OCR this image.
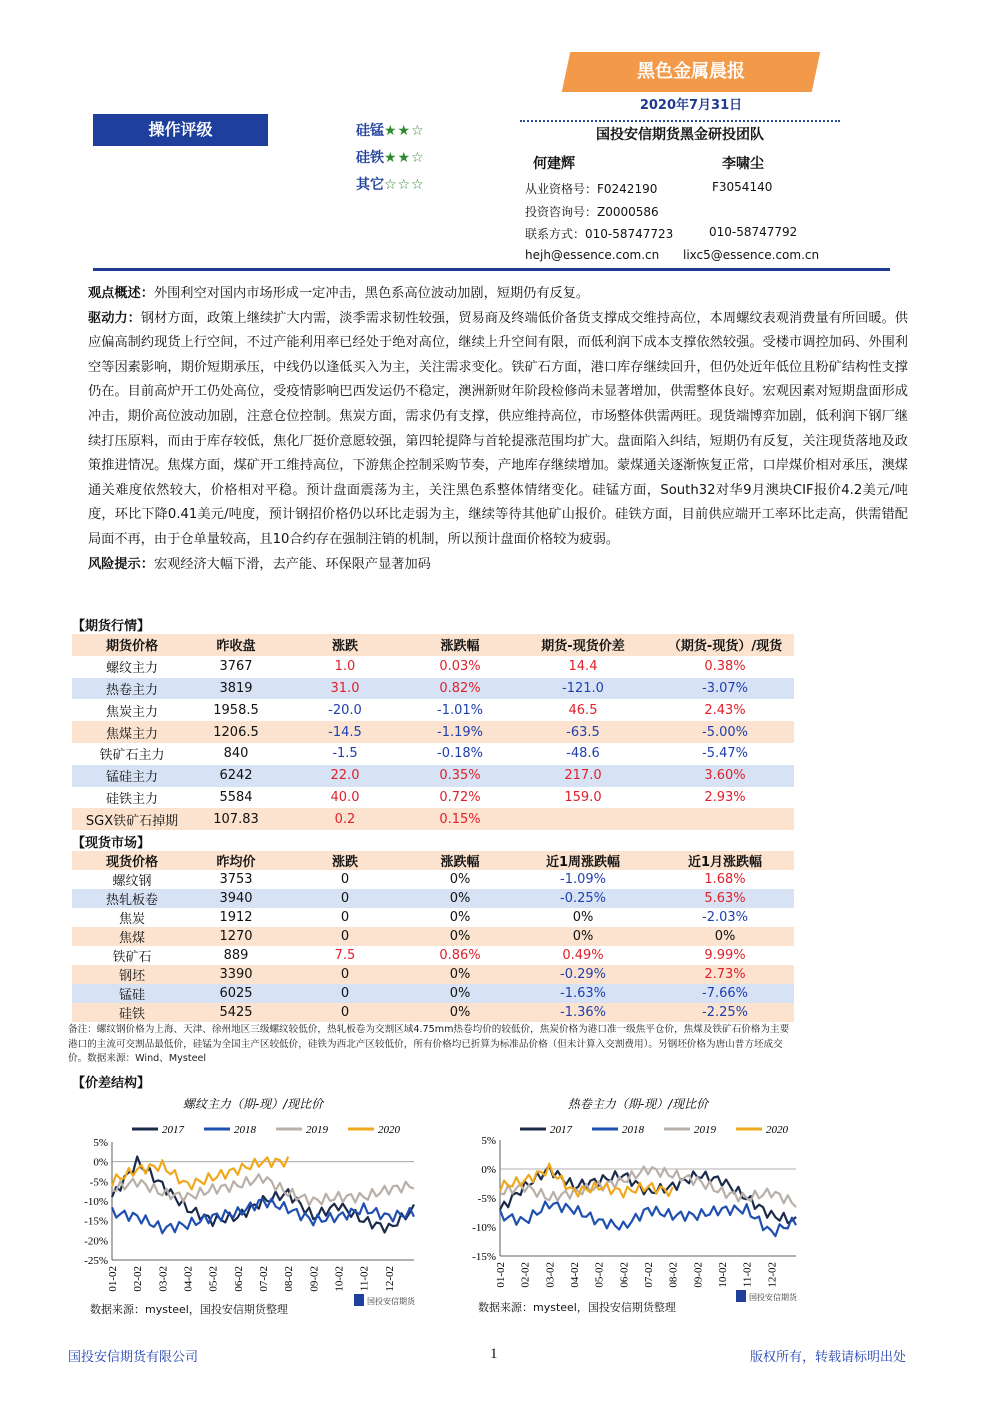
黑色金属晨报
2020年7月31日
操作评级	硅锰★★☆
硅铁★★☆
其它☆☆☆
国投安信期货黑金研投团队
何建辉	李啸尘
从业资格号：F0242190	F3054140
投资咨询号：Z0000586
联系方式：010-58747723	010-58747792
hejh@essence.com.cn lixc5@essence.com.cn
观点概述：外围利空对国内市场形成一定冲击，黑色系高位波动加剧，短期仍有反复。
驱动力：钢材方面，政策上继续扩大内需，淡季需求韧性较强，贸易商及终端低价备货支撑成交维持高位，本周螺纹表观消费量有所回暖。供应偏高制约现货上行空间，不过产能利用率已经处于绝对高位，继续上升空间有限，而低利润下成本支撑依然较强。受楼市调控加码、外围利空等因素影响，期价短期承压，中线仍以逢低买入为主，关注需求变化。铁矿石方面，港口库存继续回升，但仍处近年低位且粉矿结构性支撑仍在。目前高炉开工仍处高位，受疫情影响巴西发运仍不稳定，澳洲新财年阶段检修尚未显著增加，供需整体良好。宏观因素对短期盘面形成冲击，期价高位波动加剧，注意仓位控制。焦炭方面，需求仍有支撑，供应维持高位，市场整体供需两旺。现货端博弈加剧，低利润下钢厂继续打压原料，而由于库存较低，焦化厂挺价意愿较强，第四轮提降与首轮提涨范围均扩大。盘面陷入纠结，短期仍有反复，关注现货落地及政策推进情况。焦煤方面，煤矿开工维持高位，下游焦企控制采购节奏，产地库存继续增加。蒙煤通关逐渐恢复正常，口岸煤价相对承压，澳煤通关难度依然较大，价格相对平稳。预计盘面震荡为主，关注黑色系整体情绪变化。硅锰方面，South32对华9月澳块CIF报价4.2美元/吨度，环比下降0.41美元/吨度，预计钢招价格仍以环比走弱为主，继续等待其他矿山报价。硅铁方面，目前供应端开工率环比走高，供需错配局面不再，由于仓单量较高，且10合约存在强制注销的机制，所以预计盘面价格较为疲弱。
风险提示：宏观经济大幅下滑，去产能、环保限产显著加码
【期货行情】
期货价格	昨收盘	涨跌	涨跌幅	期货-现货价差	（期货-现货）/现货
螺纹主力	3767	1.0	0.03%	14.4	0.38%
热卷主力	3819	31.0	0.82%	-121.0	-3.07%
焦炭主力	1958.5	-20.0	-1.01%	46.5	2.43%
焦煤主力	1206.5	-14.5	-1.19%	-63.5	-5.00%
铁矿石主力	840	-1.5	-0.18%	-48.6	-5.47%
锰硅主力	6242	22.0	0.35%	217.0	3.60%
硅铁主力	5584	40.0	0.72%	159.0	2.93%
SGX铁矿石掉期	107.83	0.2	0.15%		
【现货市场】
现货价格	昨均价	涨跌	涨跌幅	近1周涨跌幅	近1月涨跌幅
螺纹钢	3753	0	0%	-1.09%	1.68%
热轧板卷	3940	0	0%	-0.25%	5.63%
焦炭	1912	0	0%	0%	-2.03%
焦煤	1270	0	0%	0%	0%
铁矿石	889	7.5	0.86%	0.49%	9.99%
钢坯	3390	0	0%	-0.29%	2.73%
锰硅	6025	0	0%	-1.63%	-7.66%
硅铁	5425	0	0%	-1.36%	-2.25%
备注：螺纹钢价格为上海、天津、徐州地区三级螺纹较低价，热轧板卷为交割区域4.75mm热卷均价的较低价，焦炭价格为港口准一级焦平仓价，焦煤及铁矿石价格为主要港口的主流可交割品最低价，硅锰为全国主产区较低价，硅铁为西北产区较低价，所有价格均已折算为标准品价格（但未计算入交割费用）。另钢坯价格为唐山普方坯成交价。数据来源：Wind、Mysteel
【价差结构】
螺纹主力（期-现）/现比价
2017	2018	2019	2020
5%
0%
-5%
-10%
-15%
-20%
-25%
01-02 02-02 03-02 04-02 05-02 06-02 07-02 08-02 09-02 10-02 11-02 12-02
国投安信期货
热卷主力（期-现）/现比价
2017	2018	2019	2020
5%
0%
-5%
-10%
-15%
01-02 02-02 03-02 04-02 05-02 06-02 07-02 08-02 09-02 10-02 11-02 12-02
国投安信期货
数据来源：mysteel，国投安信期货整理	数据来源：mysteel，国投安信期货整理
国投安信期货有限公司	1	版权所有，转载请标明出处
